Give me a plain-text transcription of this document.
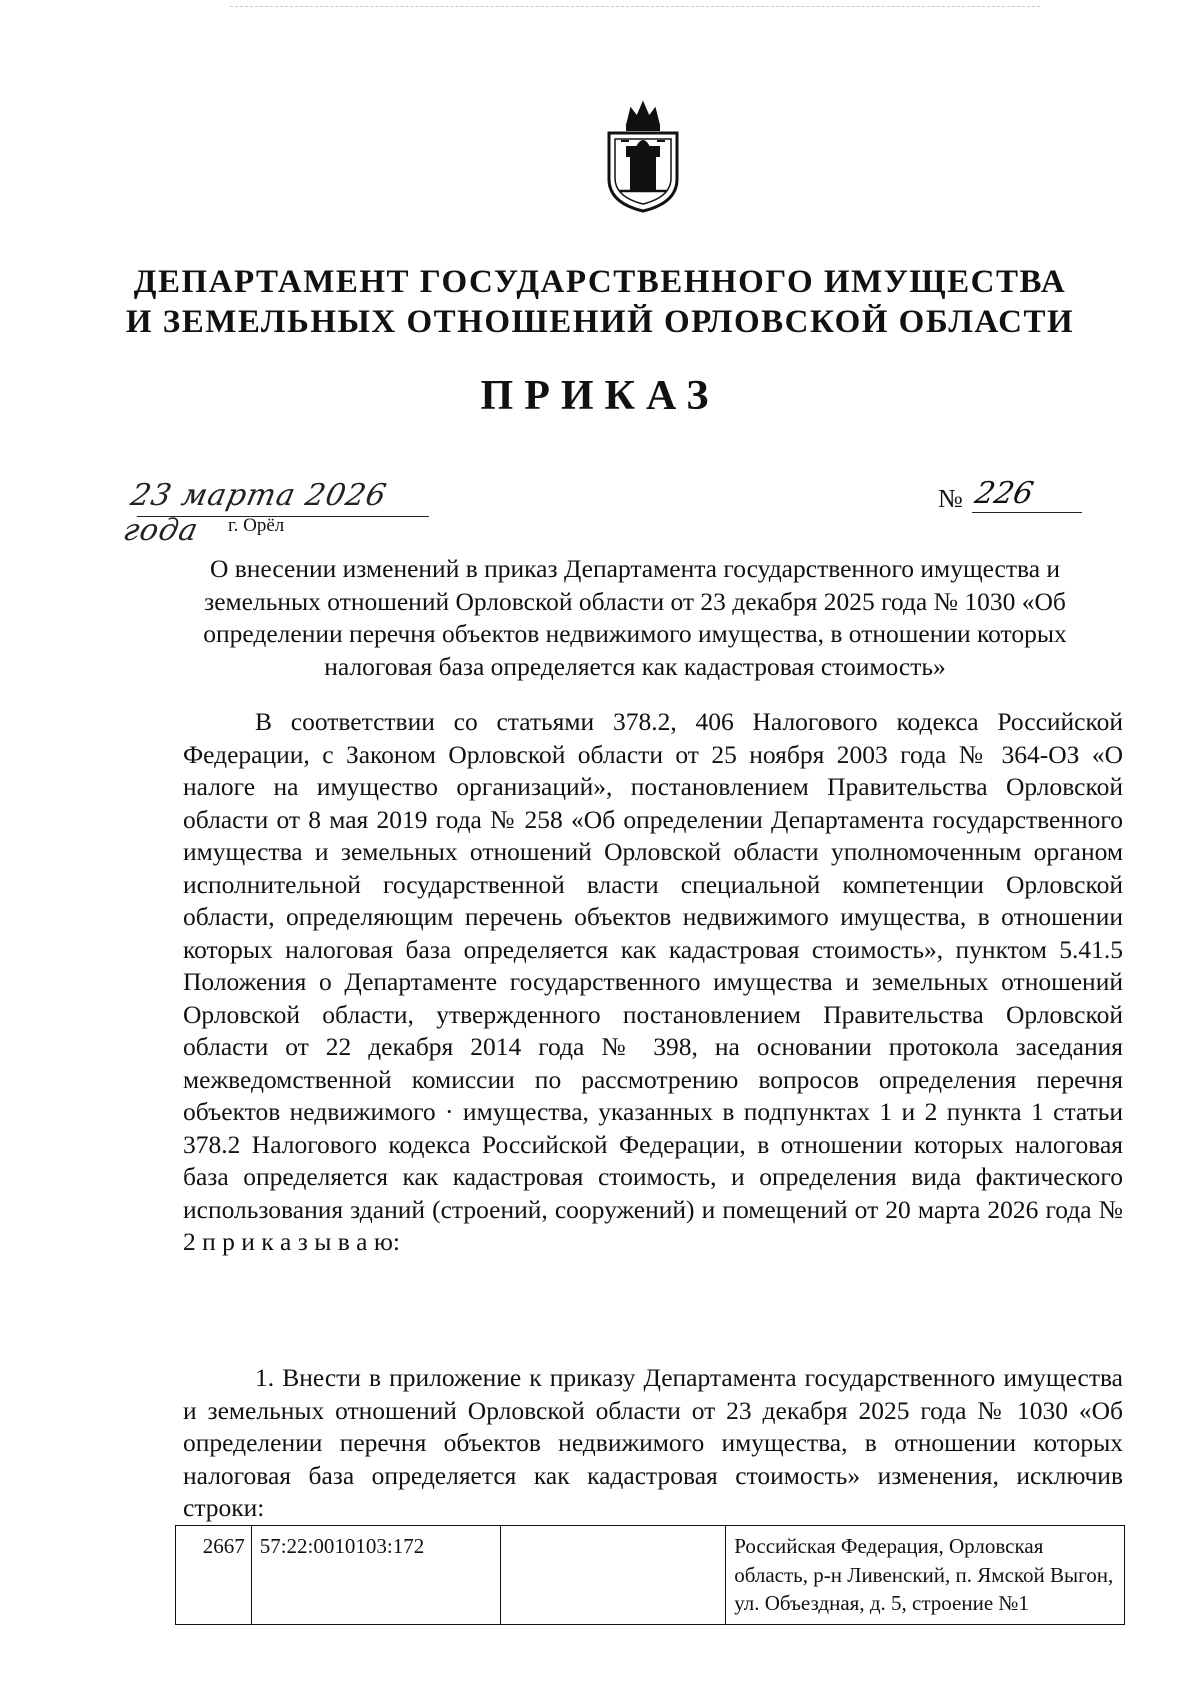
ДЕПАРТАМЕНТ ГОСУДАРСТВЕННОГО ИМУЩЕСТВА
И ЗЕМЕЛЬНЫХ ОТНОШЕНИЙ ОРЛОВСКОЙ ОБЛАСТИ
ПРИКАЗ
23 марта 2026 года	г. Орёл
№ 226
О внесении изменений в приказ Департамента государственного имущества и земельных отношений Орловской области от 23 декабря 2025 года № 1030 «Об определении перечня объектов недвижимого имущества, в отношении которых налоговая база определяется как кадастровая стоимость»
В соответствии со статьями 378.2, 406 Налогового кодекса Российской Федерации, с Законом Орловской области от 25 ноября 2003 года № 364-ОЗ «О налоге на имущество организаций», постановлением Правительства Орловской области от 8 мая 2019 года № 258 «Об определении Департамента государственного имущества и земельных отношений Орловской области уполномоченным органом исполнительной государственной власти специальной компетенции Орловской области, определяющим перечень объектов недвижимого имущества, в отношении которых налоговая база определяется как кадастровая стоимость», пунктом 5.41.5 Положения о Департаменте государственного имущества и земельных отношений Орловской области, утвержденного постановлением Правительства Орловской области от 22 декабря 2014 года № 398, на основании протокола заседания межведомственной комиссии по рассмотрению вопросов определения перечня объектов недвижимого · имущества, указанных в подпунктах 1 и 2 пункта 1 статьи 378.2 Налогового кодекса Российской Федерации, в отношении которых налоговая база определяется как кадастровая стоимость, и определения вида фактического использования зданий (строений, сооружений) и помещений от 20 марта 2026 года № 2 п р и к а з ы в а ю:
1. Внести в приложение к приказу Департамента государственного имущества и земельных отношений Орловской области от 23 декабря 2025 года № 1030 «Об определении перечня объектов недвижимого имущества, в отношении которых налоговая база определяется как кадастровая стоимость» изменения, исключив строки:
2667	57:22:0010103:172		Российская Федерация, Орловская область, р-н Ливенский, п. Ямской Выгон, ул. Объездная, д. 5, строение №1
